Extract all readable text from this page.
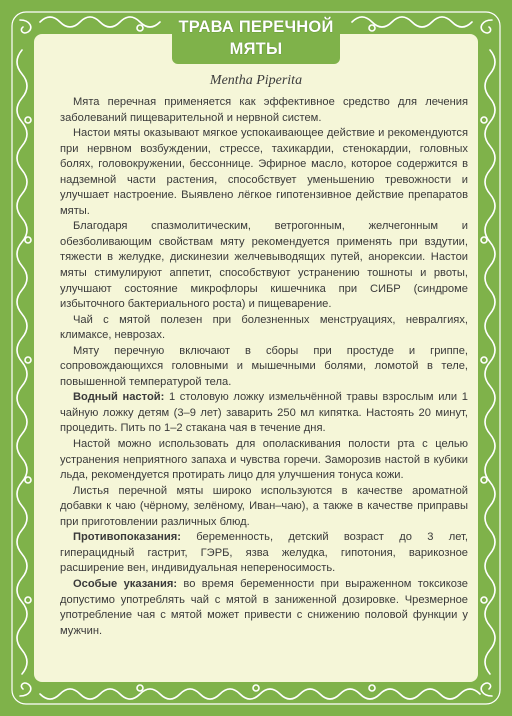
ТРАВА ПЕРЕЧНОЙ
МЯТЫ

Mentha Piperita

Мята перечная применяется как эффективное средство для лечения заболеваний пищеварительной и нервной систем.

Настои мяты оказывают мягкое успокаивающее действие и рекомендуются при нервном возбуждении, стрессе, тахикардии, стенокардии, головных болях, головокружении, бессоннице. Эфирное масло, которое содержится в надземной части растения, способствует уменьшению тревожности и улучшает настроение. Выявлено лёгкое гипотензивное действие препаратов мяты.

Благодаря спазмолитическим, ветрогонным, желчегонным и обезболивающим свойствам мяту рекомендуется применять при вздутии, тяжести в желудке, дискинезии желчевыводящих путей, анорексии. Настои мяты стимулируют аппетит, способствуют устранению тошноты и рвоты, улучшают состояние микрофлоры кишечника при СИБР (синдроме избыточного бактериального роста) и пищеварение.

Чай с мятой полезен при болезненных менструациях, невралгиях, климаксе, неврозах.

Мяту перечную включают в сборы при простуде и гриппе, сопровождающихся головными и мышечными болями, ломотой в теле, повышенной температурой тела.

Водный настой: 1 столовую ложку измельчённой травы взрослым или 1 чайную ложку детям (3–9 лет) заварить 250 мл кипятка. Настоять 20 минут, процедить. Пить по 1–2 стакана чая в течение дня.

Настой можно использовать для ополаскивания полости рта с целью устранения неприятного запаха и чувства горечи. Заморозив настой в кубики льда, рекомендуется протирать лицо для улучшения тонуса кожи.

Листья перечной мяты широко используются в качестве ароматной добавки к чаю (чёрному, зелёному, Иван–чаю), а также в качестве приправы при приготовлении различных блюд.

Противопоказания: беременность, детский возраст до 3 лет, гиперацидный гастрит, ГЭРБ, язва желудка, гипотония, варикозное расширение вен, индивидуальная непереносимость.

Особые указания: во время беременности при выраженном токсикозе допустимо употреблять чай с мятой в заниженной дозировке. Чрезмерное употребление чая с мятой может привести с снижению половой функции у мужчин.
